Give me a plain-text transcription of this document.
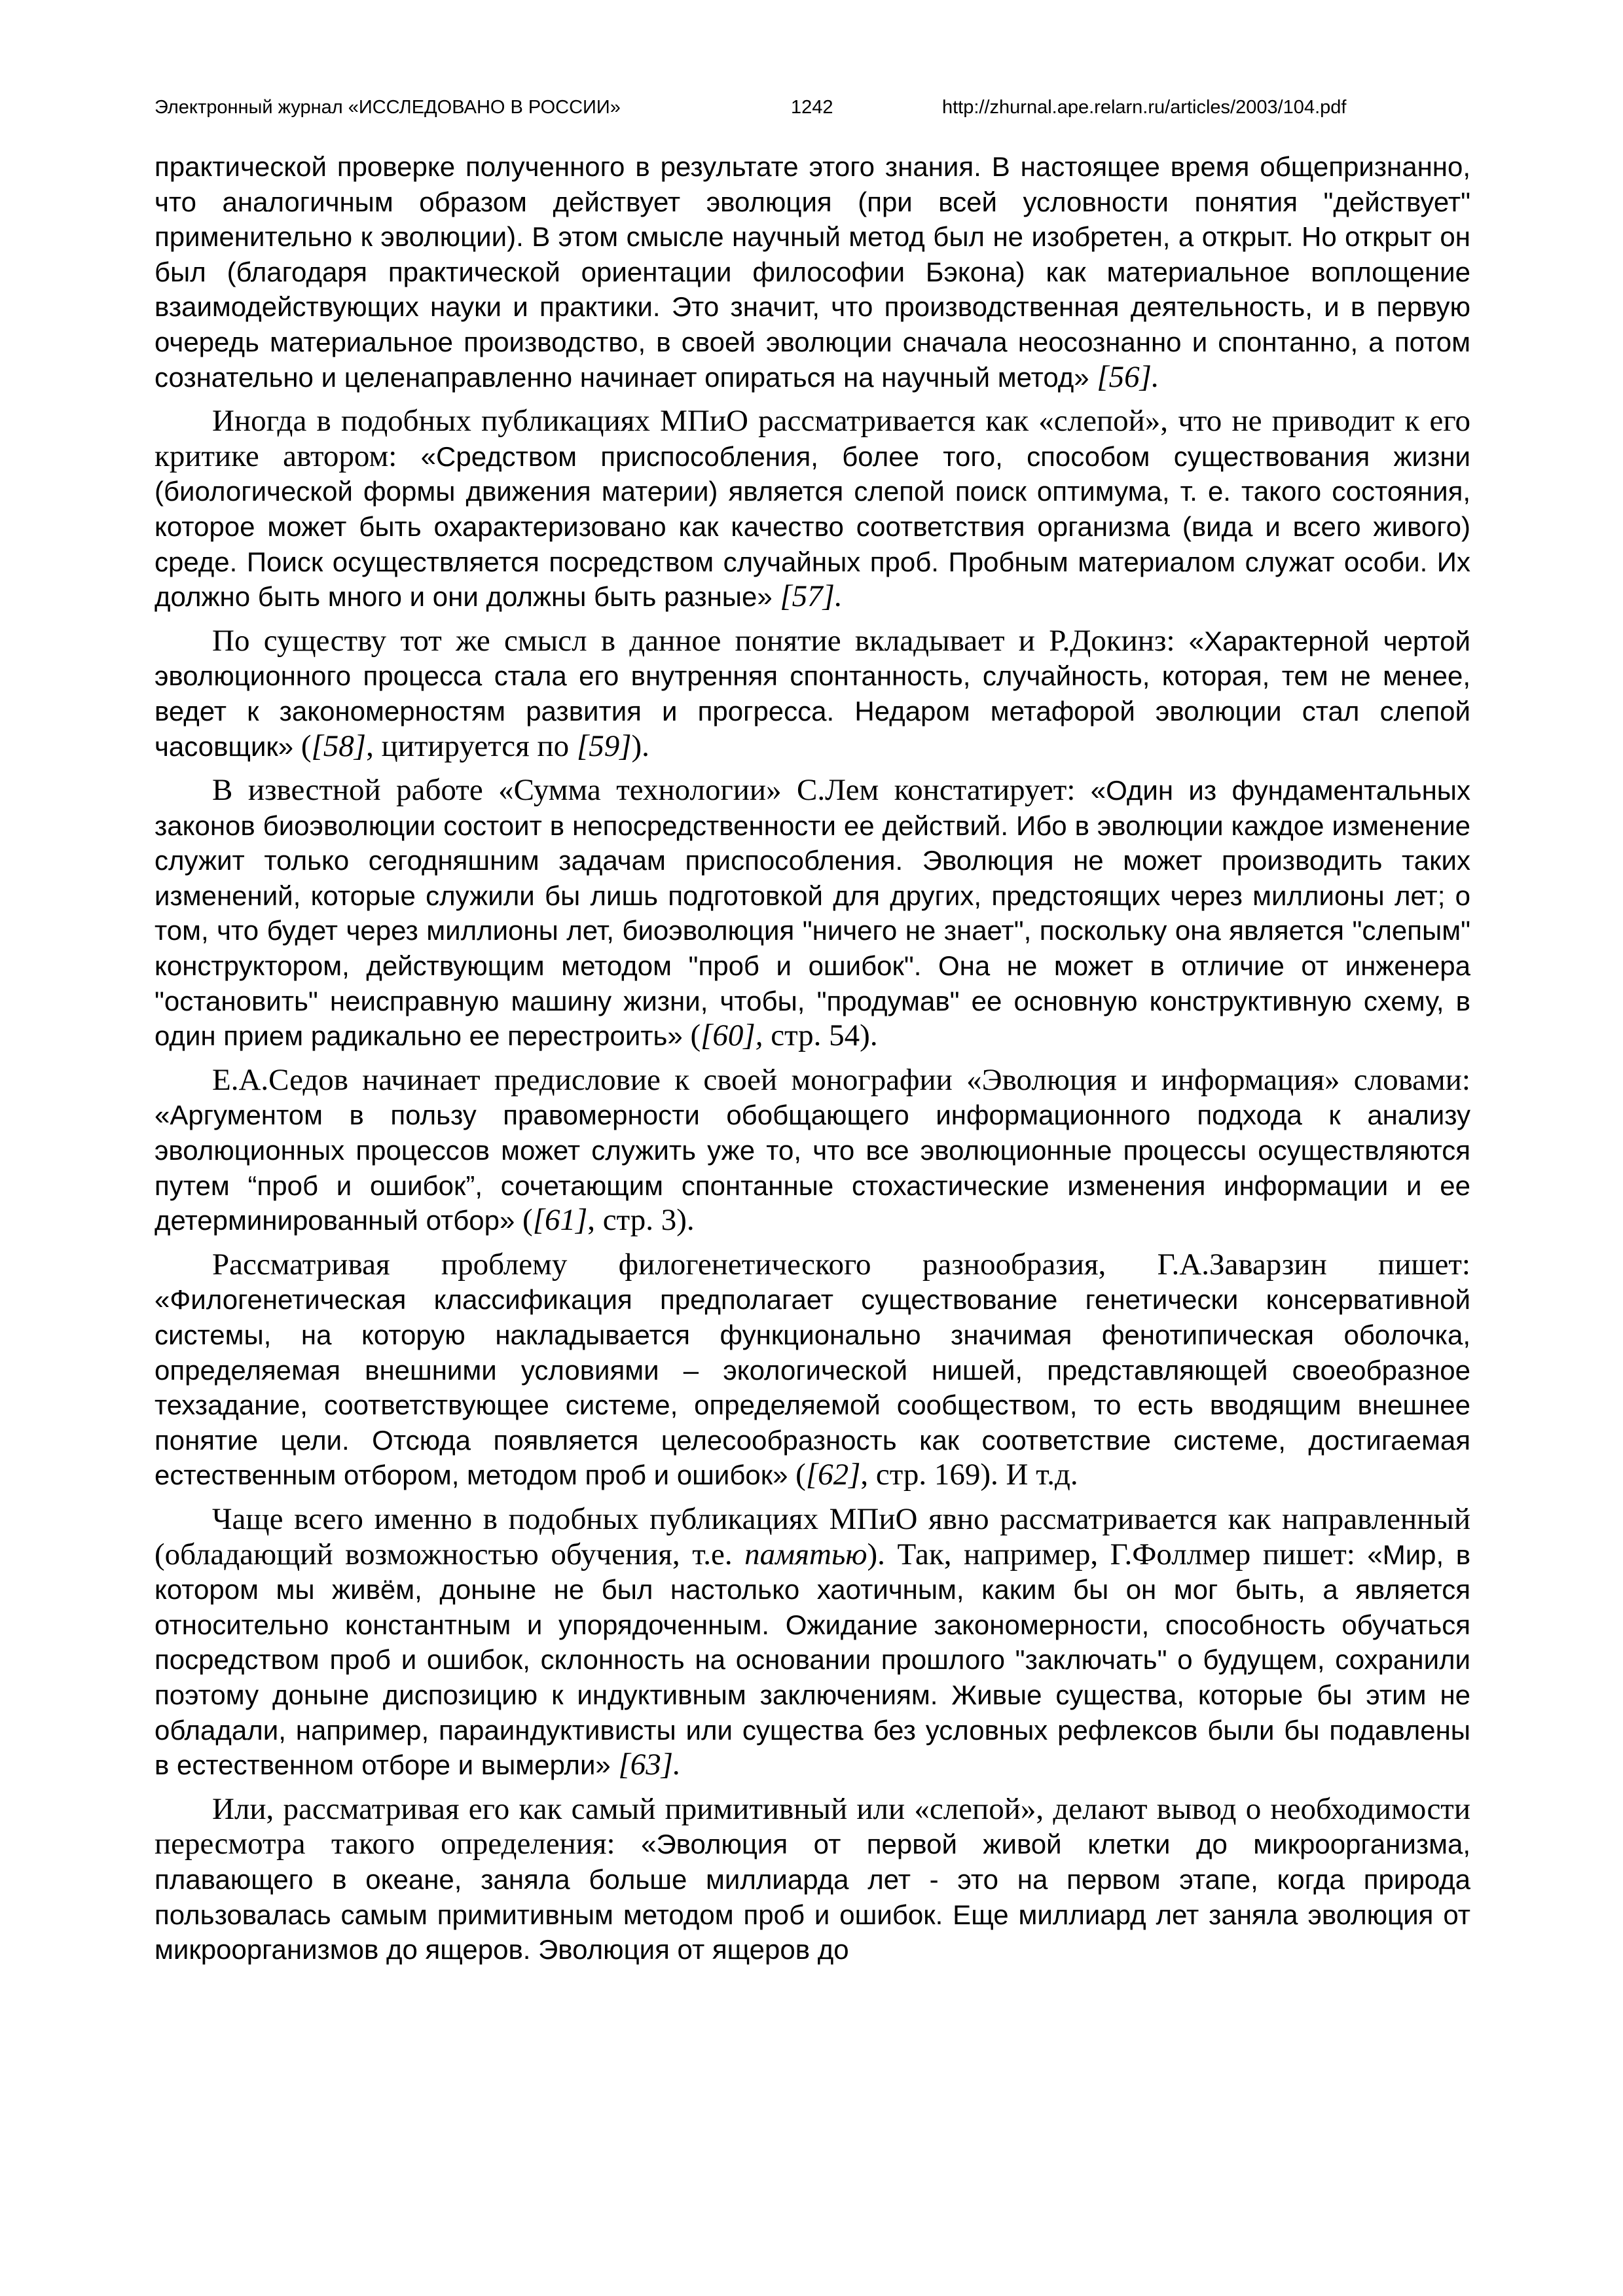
Электронный журнал «ИССЛЕДОВАНО В РОССИИ»	1242	http://zhurnal.ape.relarn.ru/articles/2003/104.pdf

практической проверке полученного в результате этого знания. В настоящее время общепризнанно, что аналогичным образом действует эволюция (при всей условности понятия "действует" применительно к эволюции). В этом смысле научный метод был не изобретен, а открыт. Но открыт он был (благодаря практической ориентации философии Бэкона) как материальное воплощение взаимодействующих науки и практики. Это значит, что производственная деятельность, и в первую очередь материальное производство, в своей эволюции сначала неосознанно и спонтанно, а потом сознательно и целенаправленно начинает опираться на научный метод» [56].

Иногда в подобных публикациях МПиО рассматривается как «слепой», что не приводит к его критике автором: «Средством приспособления, более того, способом существования жизни (биологической формы движения материи) является слепой поиск оптимума, т. е. такого состояния, которое может быть охарактеризовано как качество соответствия организма (вида и всего живого) среде. Поиск осуществляется посредством случайных проб. Пробным материалом служат особи. Их должно быть много и они должны быть разные» [57].

По существу тот же смысл в данное понятие вкладывает и Р.Докинз: «Характерной чертой эволюционного процесса стала его внутренняя спонтанность, случайность, которая, тем не менее, ведет к закономерностям развития и прогресса. Недаром метафорой эволюции стал слепой часовщик» ([58], цитируется по [59]).

В известной работе «Сумма технологии» С.Лем констатирует: «Один из фундаментальных законов биоэволюции состоит в непосредственности ее действий. Ибо в эволюции каждое изменение служит только сегодняшним задачам приспособления. Эволюция не может производить таких изменений, которые служили бы лишь подготовкой для других, предстоящих через миллионы лет; о том, что будет через миллионы лет, биоэволюция "ничего не знает", поскольку она является "слепым" конструктором, действующим методом "проб и ошибок". Она не может в отличие от инженера "остановить" неисправную машину жизни, чтобы, "продумав" ее основную конструктивную схему, в один прием радикально ее перестроить» ([60], стр. 54).

Е.А.Седов начинает предисловие к своей монографии «Эволюция и информация» словами: «Аргументом в пользу правомерности обобщающего информационного подхода к анализу эволюционных процессов может служить уже то, что все эволюционные процессы осуществляются путем “проб и ошибок”, сочетающим спонтанные стохастические изменения информации и ее детерминированный отбор» ([61], стр. 3).

Рассматривая проблему филогенетического разнообразия, Г.А.Заварзин пишет: «Филогенетическая классификация предполагает существование генетически консервативной системы, на которую накладывается функционально значимая фенотипическая оболочка, определяемая внешними условиями – экологической нишей, представляющей своеобразное техзадание, соответствующее системе, определяемой сообществом, то есть вводящим внешнее понятие цели. Отсюда появляется целесообразность как соответствие системе, достигаемая естественным отбором, методом проб и ошибок» ([62], стр. 169). И т.д.

Чаще всего именно в подобных публикациях МПиО явно рассматривается как направленный (обладающий возможностью обучения, т.е. памятью). Так, например, Г.Фоллмер пишет: «Мир, в котором мы живём, доныне не был настолько хаотичным, каким бы он мог быть, а является относительно константным и упорядоченным. Ожидание закономерности, способность обучаться посредством проб и ошибок, склонность на основании прошлого "заключать" о будущем, сохранили поэтому доныне диспозицию к индуктивным заключениям. Живые существа, которые бы этим не обладали, например, параиндуктивисты или существа без условных рефлексов были бы подавлены в естественном отборе и вымерли» [63].

Или, рассматривая его как самый примитивный или «слепой», делают вывод о необходимости пересмотра такого определения: «Эволюция от первой живой клетки до микроорганизма, плавающего в океане, заняла больше миллиарда лет - это на первом этапе, когда природа пользовалась самым примитивным методом проб и ошибок. Еще миллиард лет заняла эволюция от микроорганизмов до ящеров. Эволюция от ящеров до
